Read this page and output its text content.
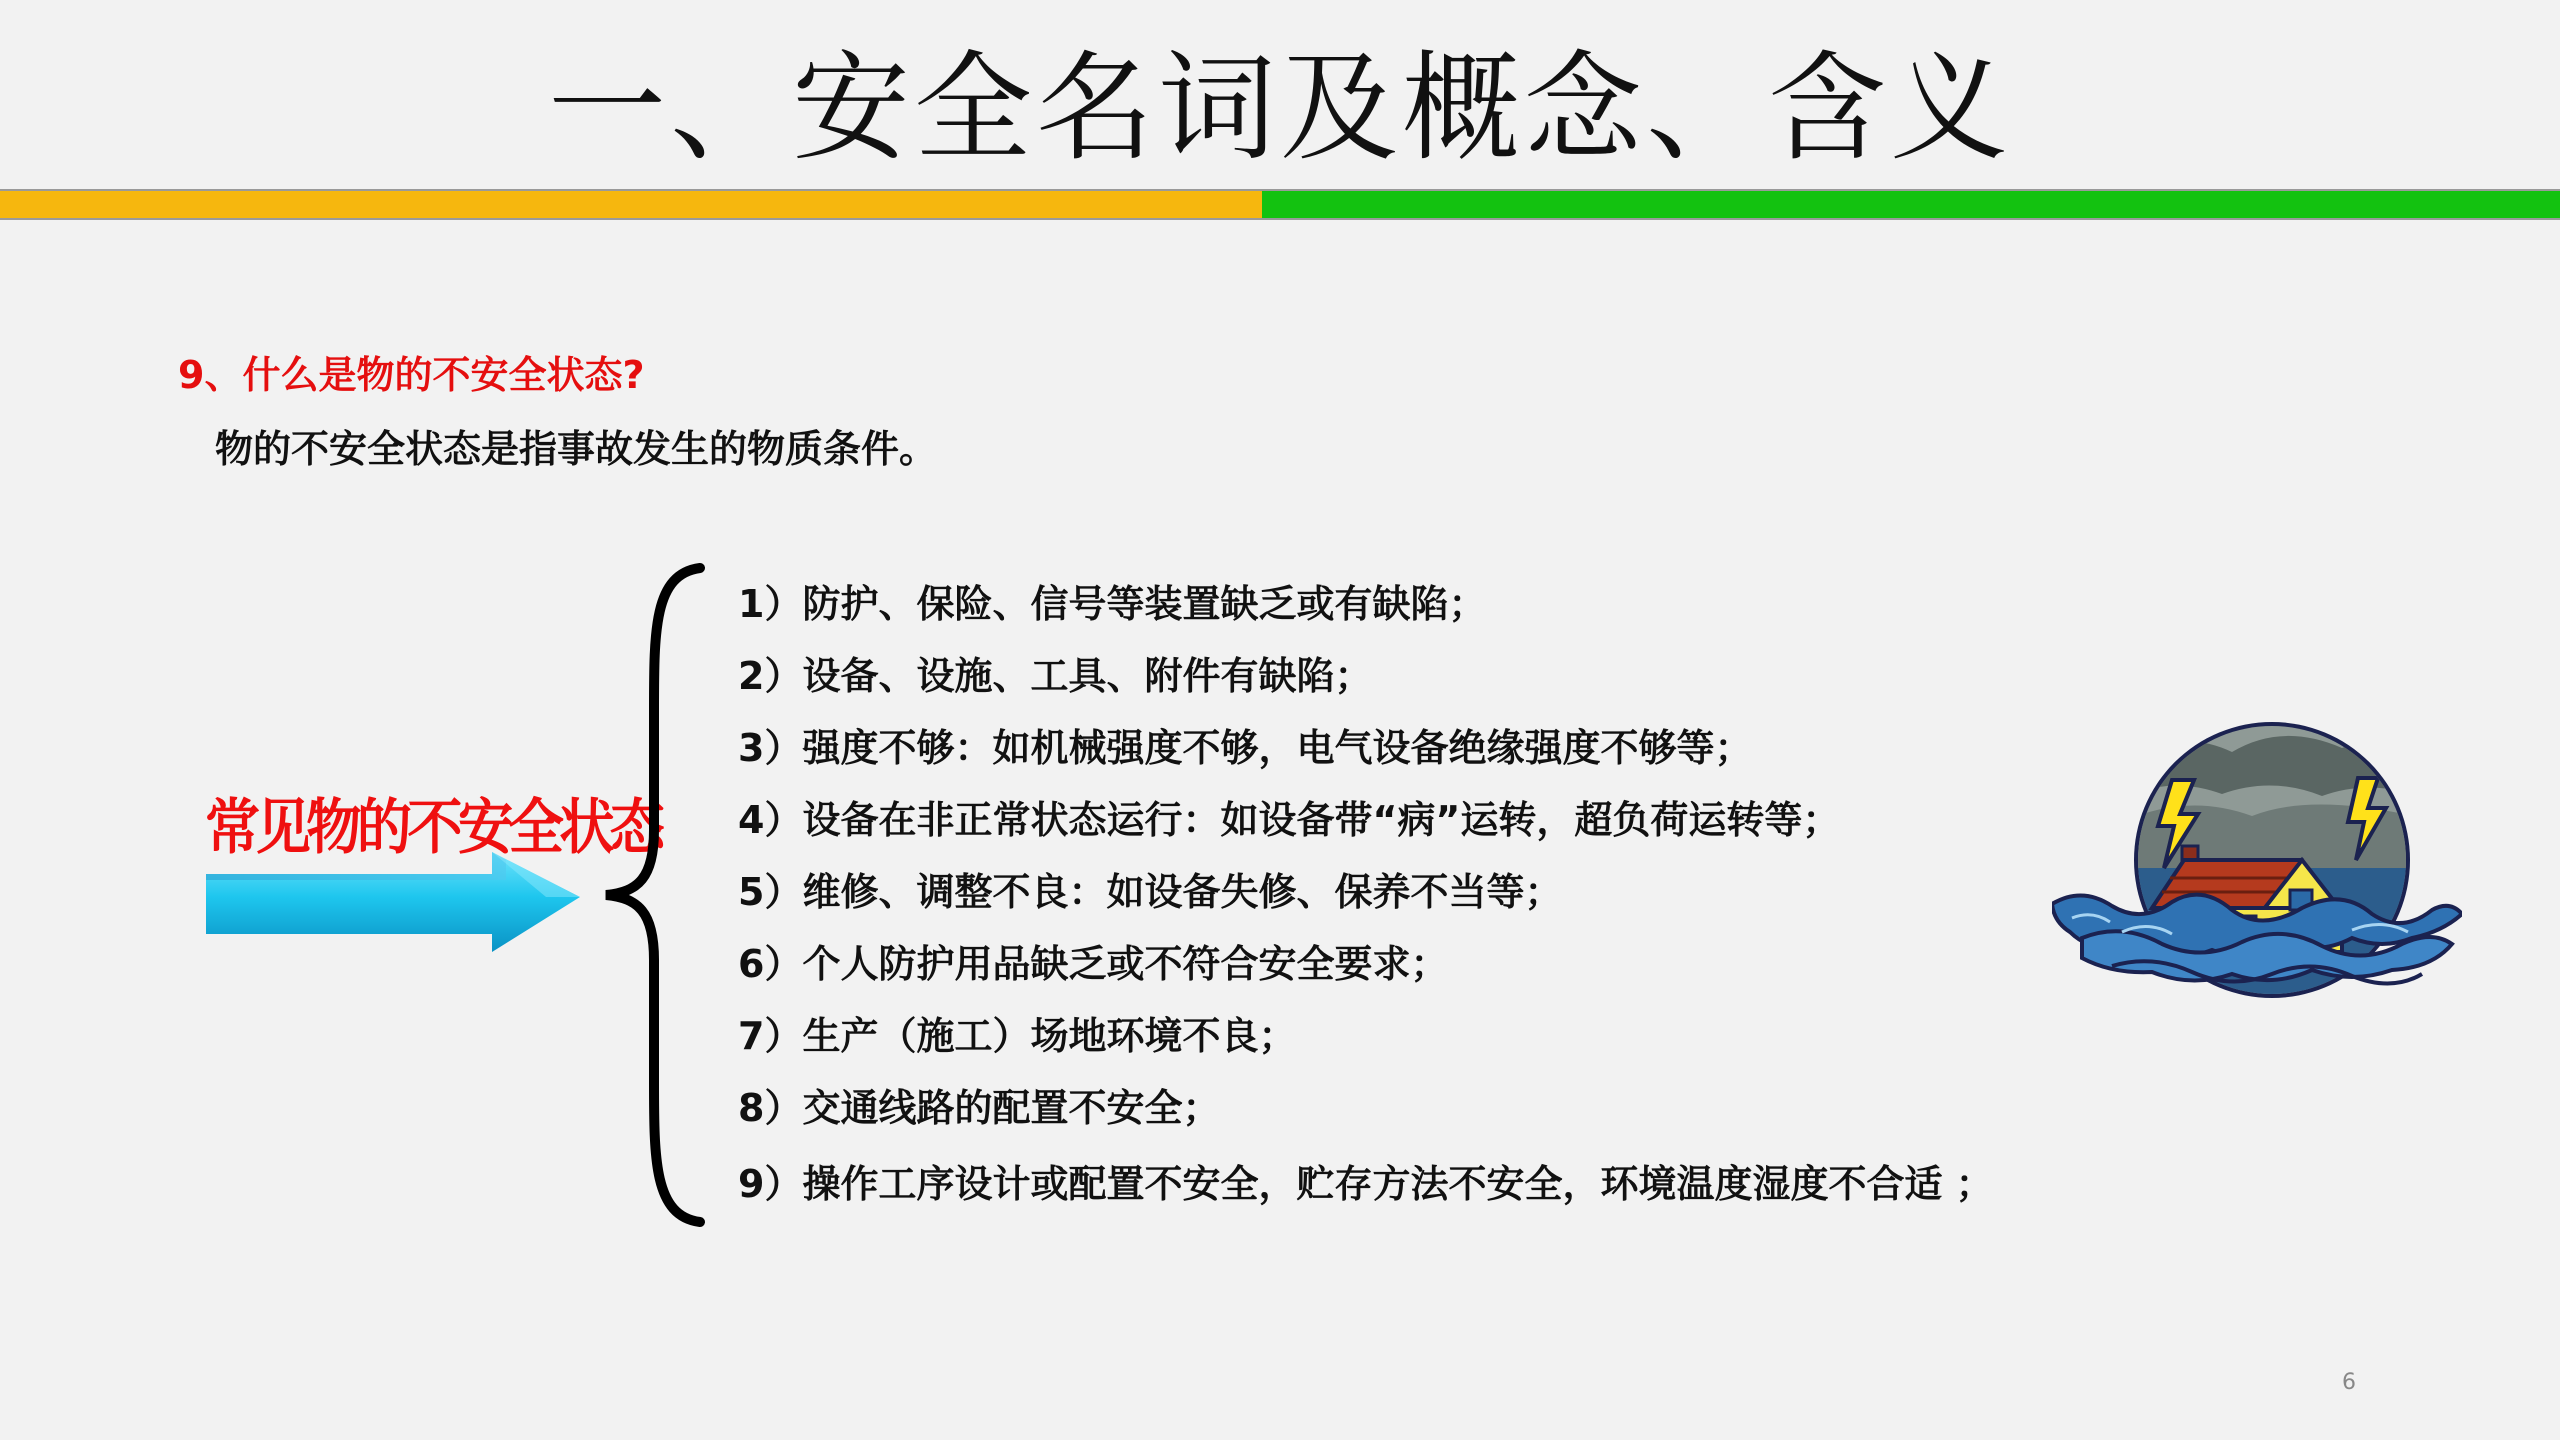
一、安全名词及概念、含义
9、什么是物的不安全状态?
物的不安全状态是指事故发生的物质条件。
常见物的不安全状态
1）防护、保险、信号等装置缺乏或有缺陷；
2）设备、设施、工具、附件有缺陷；
3）强度不够：如机械强度不够，电气设备绝缘强度不够等；
4）设备在非正常状态运行：如设备带“病”运转，超负荷运转等；
5）维修、调整不良：如设备失修、保养不当等；
6）个人防护用品缺乏或不符合安全要求；
7）生产（施工）场地环境不良；
8）交通线路的配置不安全；
9）操作工序设计或配置不安全，贮存方法不安全，环境温度湿度不合适 ；
6
